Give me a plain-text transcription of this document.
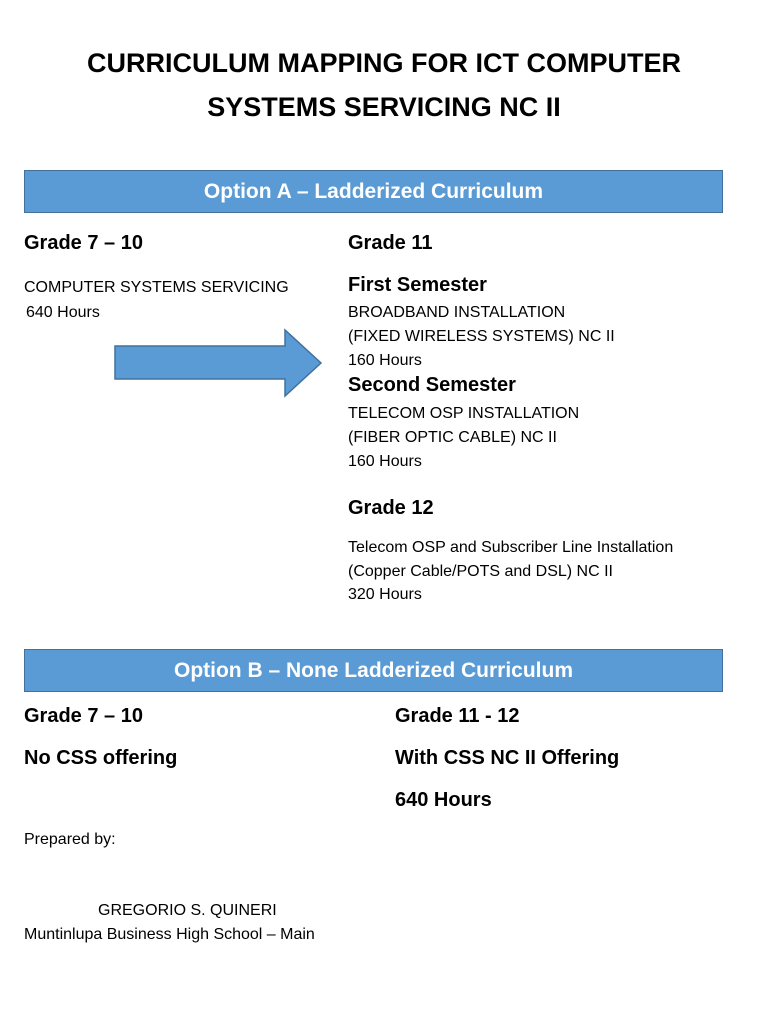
CURRICULUM MAPPING FOR ICT COMPUTER
SYSTEMS SERVICING NC II
Option A – Ladderized Curriculum
Grade 7 – 10
COMPUTER SYSTEMS SERVICING
640 Hours
Grade 11
First Semester
BROADBAND INSTALLATION
(FIXED WIRELESS SYSTEMS) NC II
160 Hours
Second Semester
TELECOM OSP INSTALLATION
(FIBER OPTIC CABLE) NC II
160 Hours
Grade 12
Telecom OSP and Subscriber Line Installation
(Copper Cable/POTS and DSL) NC II
320 Hours
Option B – None Ladderized Curriculum
Grade 7 – 10
No CSS offering
Grade 11 - 12
With CSS NC II Offering
640 Hours
Prepared by:
GREGORIO S. QUINERI
Muntinlupa Business High School – Main
